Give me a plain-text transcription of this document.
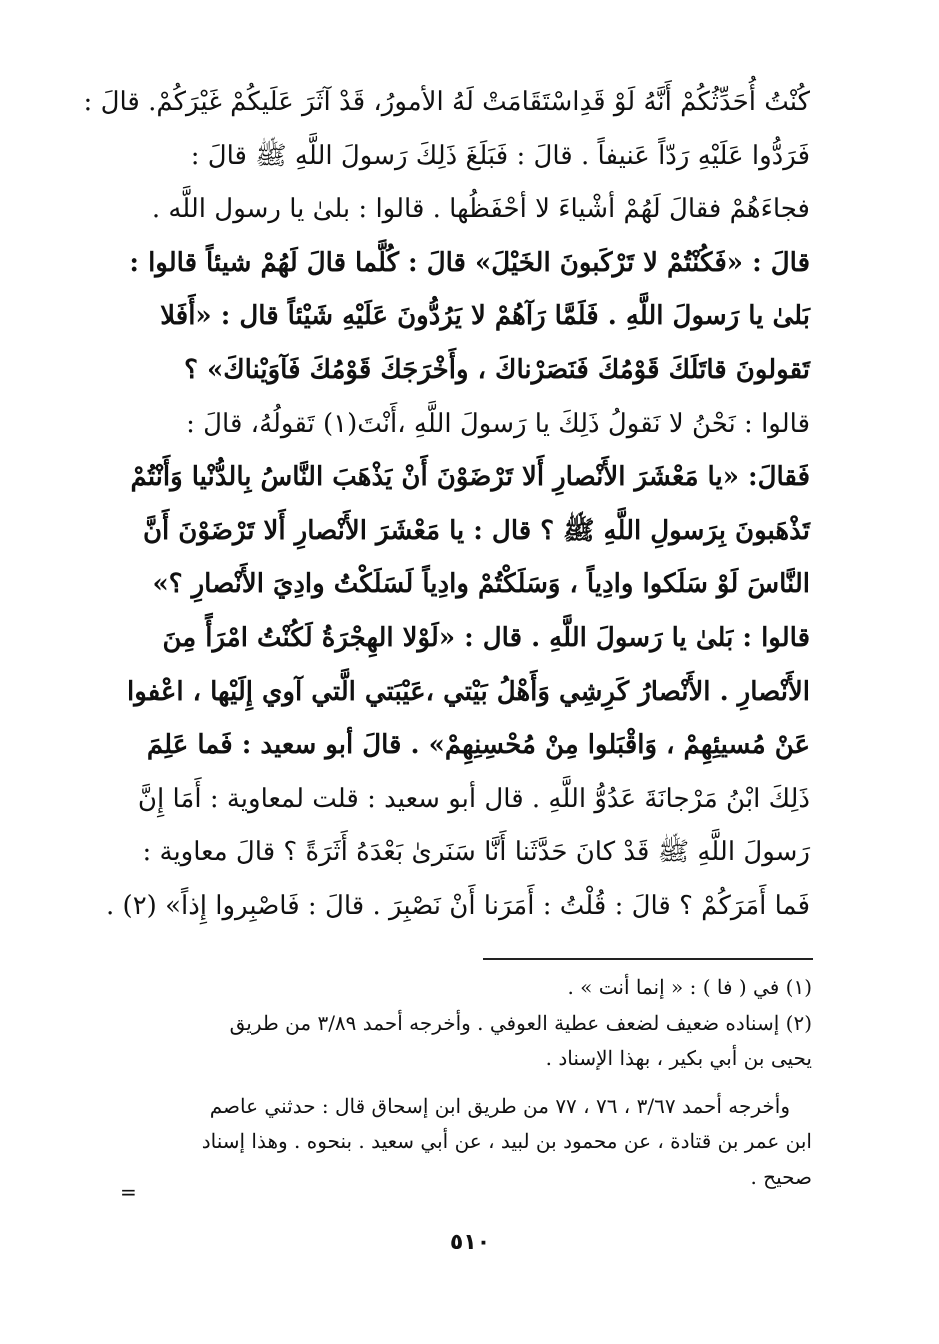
كُنْتُ أُحَدِّثُكُمْ أَنَّهُ لَوْ قَدِاسْتَقَامَتْ لَهُ الأمورُ، قَدْ آثَرَ عَلَيكُمْ غَيْرَكُمْ. قالَ :
فَرَدُّوا عَلَيْهِ رَدّاً عَنيفاً . قالَ : فَبَلَغَ ذَلِكَ رَسولَ اللَّهِ ﷺ قالَ :
فجاءَهُمْ فقالَ لَهُمْ أشْياءَ لا أحْفَظُها . قالوا : بلىٰ يا رسول اللَّه .
قالَ : «فَكُنْتُمْ لا تَرْكَبونَ الخَيْلَ» قالَ : كُلَّما قالَ لَهُمْ شيئاً قالوا :
بَلىٰ يا رَسولَ اللَّهِ . فَلَمَّا رَآهُمْ لا يَرُدُّونَ عَلَيْهِ شَيْئاً قال : «أَفَلا
تَقولونَ قاتَلَكَ قَوْمُكَ فَنَصَرْناكَ ، وأَخْرَجَكَ قَوْمُكَ فَآوَيْناكَ» ؟
قالوا : نَحْنُ لا نَقولُ ذَلِكَ يا رَسولَ اللَّهِ ،أَنْتَ(١) تَقولُهُ، قالَ :
فَقالَ: «يا مَعْشَرَ الأَنْصارِ أَلا تَرْضَوْنَ أَنْ يَذْهَبَ النَّاسُ بِالدُّنْيا وَأَنْتُمْ
تَذْهَبونَ بِرَسولِ اللَّهِ ﷺ ؟ قال : يا مَعْشَرَ الأَنْصارِ أَلا تَرْضَوْنَ أَنَّ
النَّاسَ لَوْ سَلَكوا وادِياً ، وَسَلَكْتُمْ وادِياً لَسَلَكْتُ وادِيَ الأَنْصارِ ؟»
قالوا : بَلىٰ يا رَسولَ اللَّهِ . قال : «لَوْلا الهِجْرَةُ لَكُنْتُ امْرَأً مِنَ
الأَنْصارِ . الأَنْصارُ كَرِشِي وَأَهْلُ بَيْتي ،عَيْبَتي الَّتي آوي إِلَيْها ، اعْفوا
عَنْ مُسيئِهِمْ ، وَاقْبَلوا مِنْ مُحْسِنِهِمْ» . قالَ أبو سعيد : فَما عَلِمَ
ذَلِكَ ابْنُ مَرْجانَةَ عَدُوُّ اللَّهِ . قال أبو سعيد : قلت لمعاوية : أَمَا إِنَّ
رَسولَ اللَّهِ ﷺ قَدْ كانَ حَدَّثَنا أَنَّا سَنَرىٰ بَعْدَهُ أَثَرَةً ؟ قالَ معاوية :
فَما أَمَرَكُمْ ؟ قالَ : قُلْتُ : أَمَرَنا أَنْ نَصْبِرَ . قالَ : فَاصْبِروا إِذاً» (٢) .
(١) في ( فا ) : « إنما أنت » .
(٢) إسناده ضعيف لضعف عطية العوفي . وأخرجه أحمد ٣/٨٩ من طريق
يحيى بن أبي بكير ، بهذا الإسناد .
وأخرجه أحمد ٣/٦٧ ، ٧٦ ، ٧٧ من طريق ابن إسحاق قال : حدثني عاصم
ابن عمر بن قتادة ، عن محمود بن لبيد ، عن أبي سعيد . بنحوه . وهذا إسناد
صحيح .
=
٥١٠
